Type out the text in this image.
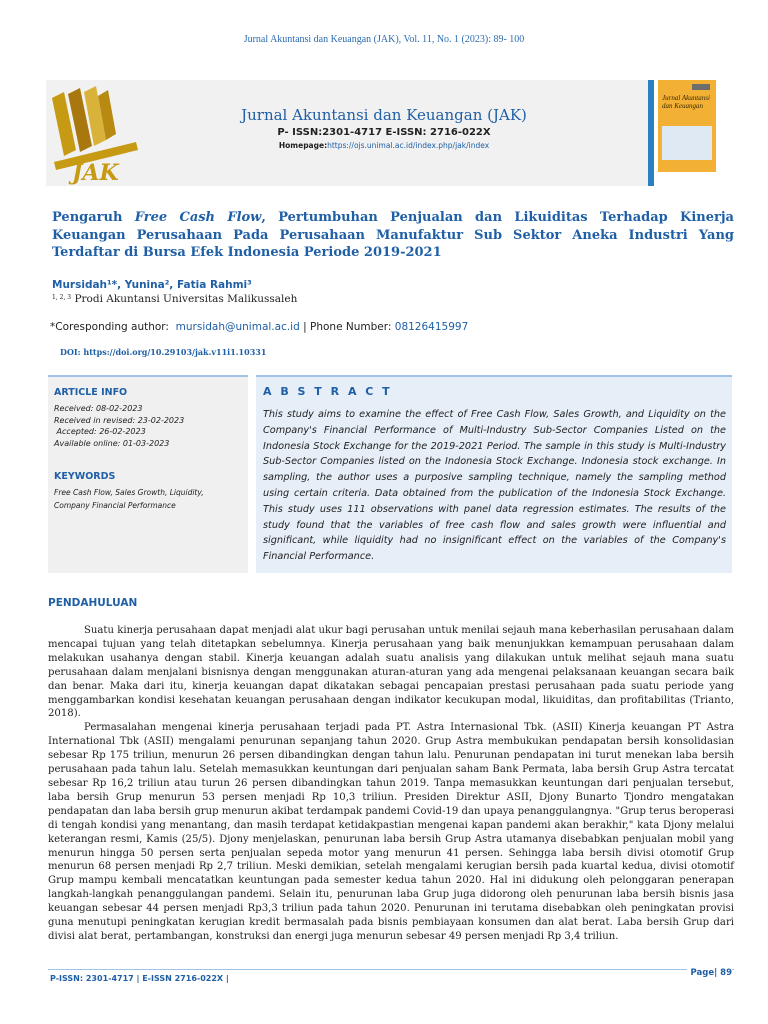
Jurnal Akuntansi dan Keuangan (JAK), Vol. 11, No. 1 (2023): 89- 100
JAK
Jurnal Akuntansi dan Keuangan (JAK)
P- ISSN:2301-4717 E-ISSN: 2716-022X
Homepage:https://ojs.unimal.ac.id/index.php/jak/index
Jurnal Akuntansi dan Keuangan
Pengaruh Free Cash Flow, Pertumbuhan Penjualan dan Likuiditas Terhadap Kinerja Keuangan Perusahaan Pada Perusahaan Manufaktur Sub Sektor Aneka Industri Yang Terdaftar di Bursa Efek Indonesia Periode 2019-2021
Mursidah¹*, Yunina², Fatia Rahmi³
$^{1, 2, 3}$ Prodi Akuntansi Universitas Malikussaleh
*Coresponding author: mursidah@unimal.ac.id | Phone Number: 08126415997
DOI: https://doi.org/10.29103/jak.v11i1.10331
ARTICLE INFO
Received: 08-02-2023
Received in revised: 23-02-2023
Accepted: 26-02-2023
Available online: 01-03-2023
KEYWORDS
Free Cash Flow, Sales Growth, Liquidity, Company Financial Performance
A B S T R A C T

This study aims to examine the effect of Free Cash Flow, Sales Growth, and Liquidity on the Company's Financial Performance of Multi-Industry Sub-Sector Companies Listed on the Indonesia Stock Exchange for the 2019-2021 Period. The sample in this study is Multi-Industry Sub-Sector Companies listed on the Indonesia Stock Exchange. Indonesia stock exchange. In sampling, the author uses a purposive sampling technique, namely the sampling method using certain criteria. Data obtained from the publication of the Indonesia Stock Exchange. This study uses 111 observations with panel data regression estimates. The results of the study found that the variables of free cash flow and sales growth were influential and significant, while liquidity had no insignificant effect on the variables of the Company's Financial Performance.

PENDAHULUAN

Suatu kinerja perusahaan dapat menjadi alat ukur bagi perusahan untuk menilai sejauh mana keberhasilan perusahaan dalam mencapai tujuan yang telah ditetapkan sebelumnya. Kinerja perusahaan yang baik menunjukkan kemampuan perusahaan dalam melakukan usahanya dengan stabil. Kinerja keuangan adalah suatu analisis yang dilakukan untuk melihat sejauh mana suatu perusahaan dalam menjalani bisnisnya dengan menggunakan aturan-aturan yang ada mengenai pelaksanaan keuangan secara baik dan benar. Maka dari itu, kinerja keuangan dapat dikatakan sebagai pencapaian prestasi perusahaan pada suatu periode yang menggambarkan kondisi kesehatan keuangan perusahaan dengan indikator kecukupan modal, likuiditas, dan profitabilitas (Trianto, 2018).

Permasalahan mengenai kinerja perusahaan terjadi pada PT. Astra Internasional Tbk. (ASII) Kinerja keuangan PT Astra International Tbk (ASII) mengalami penurunan sepanjang tahun 2020. Grup Astra membukukan pendapatan bersih konsolidasian sebesar Rp 175 triliun, menurun 26 persen dibandingkan dengan tahun lalu. Penurunan pendapatan ini turut menekan laba bersih perusahaan pada tahun lalu. Setelah memasukkan keuntungan dari penjualan saham Bank Permata, laba bersih Grup Astra tercatat sebesar Rp 16,2 triliun atau turun 26 persen dibandingkan tahun 2019. Tanpa memasukkan keuntungan dari penjualan tersebut, laba bersih Grup menurun 53 persen menjadi Rp 10,3 triliun. Presiden Direktur ASII, Djony Bunarto Tjondro mengatakan pendapatan dan laba bersih grup menurun akibat terdampak pandemi Covid-19 dan upaya penanggulangnya. "Grup terus beroperasi di tengah kondisi yang menantang, dan masih terdapat ketidakpastian mengenai kapan pandemi akan berakhir," kata Djony melalui keterangan resmi, Kamis (25/5). Djony menjelaskan, penurunan laba bersih Grup Astra utamanya disebabkan penjualan mobil yang menurun hingga 50 persen serta penjualan sepeda motor yang menurun 41 persen. Sehingga laba bersih divisi otomotif Grup menurun 68 persen menjadi Rp 2,7 triliun. Meski demikian, setelah mengalami kerugian bersih pada kuartal kedua, divisi otomotif Grup mampu kembali mencatatkan keuntungan pada semester kedua tahun 2020. Hal ini didukung oleh pelonggaran penerapan langkah-langkah penanggulangan pandemi. Selain itu, penurunan laba Grup juga didorong oleh penurunan laba bersih bisnis jasa keuangan sebesar 44 persen menjadi Rp3,3 triliun pada tahun 2020. Penurunan ini terutama disebabkan oleh peningkatan provisi guna menutupi peningkatan kerugian kredit bermasalah pada bisnis pembiayaan konsumen dan alat berat. Laba bersih Grup dari divisi alat berat, pertambangan, konstruksi dan energi juga menurun sebesar 49 persen menjadi Rp 3,4 triliun.

P-ISSN: 2301-4717 | E-ISSN 2716-022X |
Page| 89
